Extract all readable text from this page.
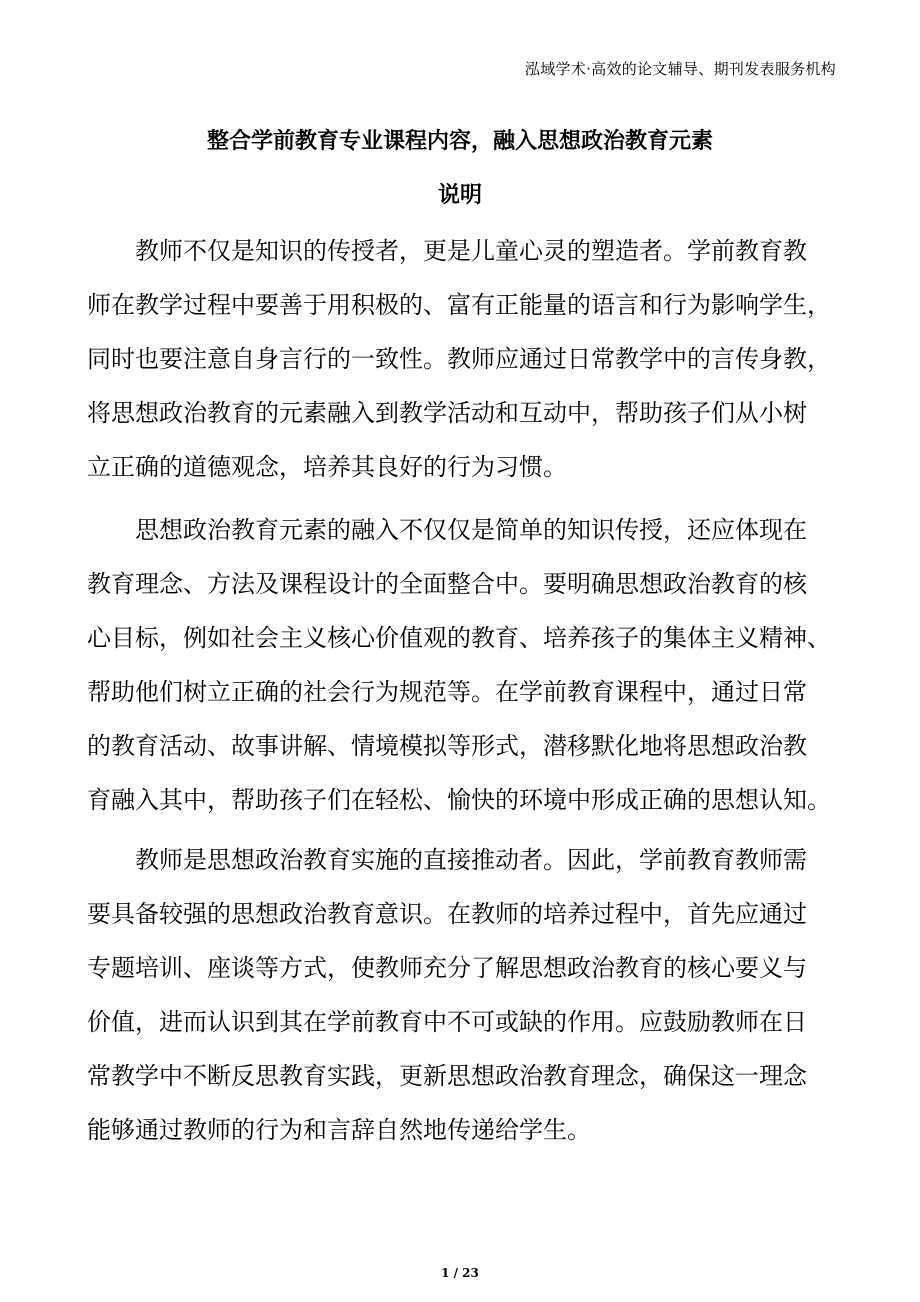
泓域学术·高效的论文辅导、期刊发表服务机构
整合学前教育专业课程内容，融入思想政治教育元素
说明
教师不仅是知识的传授者，更是儿童心灵的塑造者。学前教育教
师在教学过程中要善于用积极的、富有正能量的语言和行为影响学生，
同时也要注意自身言行的一致性。教师应通过日常教学中的言传身教，
将思想政治教育的元素融入到教学活动和互动中，帮助孩子们从小树
立正确的道德观念，培养其良好的行为习惯。
思想政治教育元素的融入不仅仅是简单的知识传授，还应体现在
教育理念、方法及课程设计的全面整合中。要明确思想政治教育的核
心目标，例如社会主义核心价值观的教育、培养孩子的集体主义精神、
帮助他们树立正确的社会行为规范等。在学前教育课程中，通过日常
的教育活动、故事讲解、情境模拟等形式，潜移默化地将思想政治教
育融入其中，帮助孩子们在轻松、愉快的环境中形成正确的思想认知。
教师是思想政治教育实施的直接推动者。因此，学前教育教师需
要具备较强的思想政治教育意识。在教师的培养过程中，首先应通过
专题培训、座谈等方式，使教师充分了解思想政治教育的核心要义与
价值，进而认识到其在学前教育中不可或缺的作用。应鼓励教师在日
常教学中不断反思教育实践，更新思想政治教育理念，确保这一理念
能够通过教师的行为和言辞自然地传递给学生。
1 / 23
